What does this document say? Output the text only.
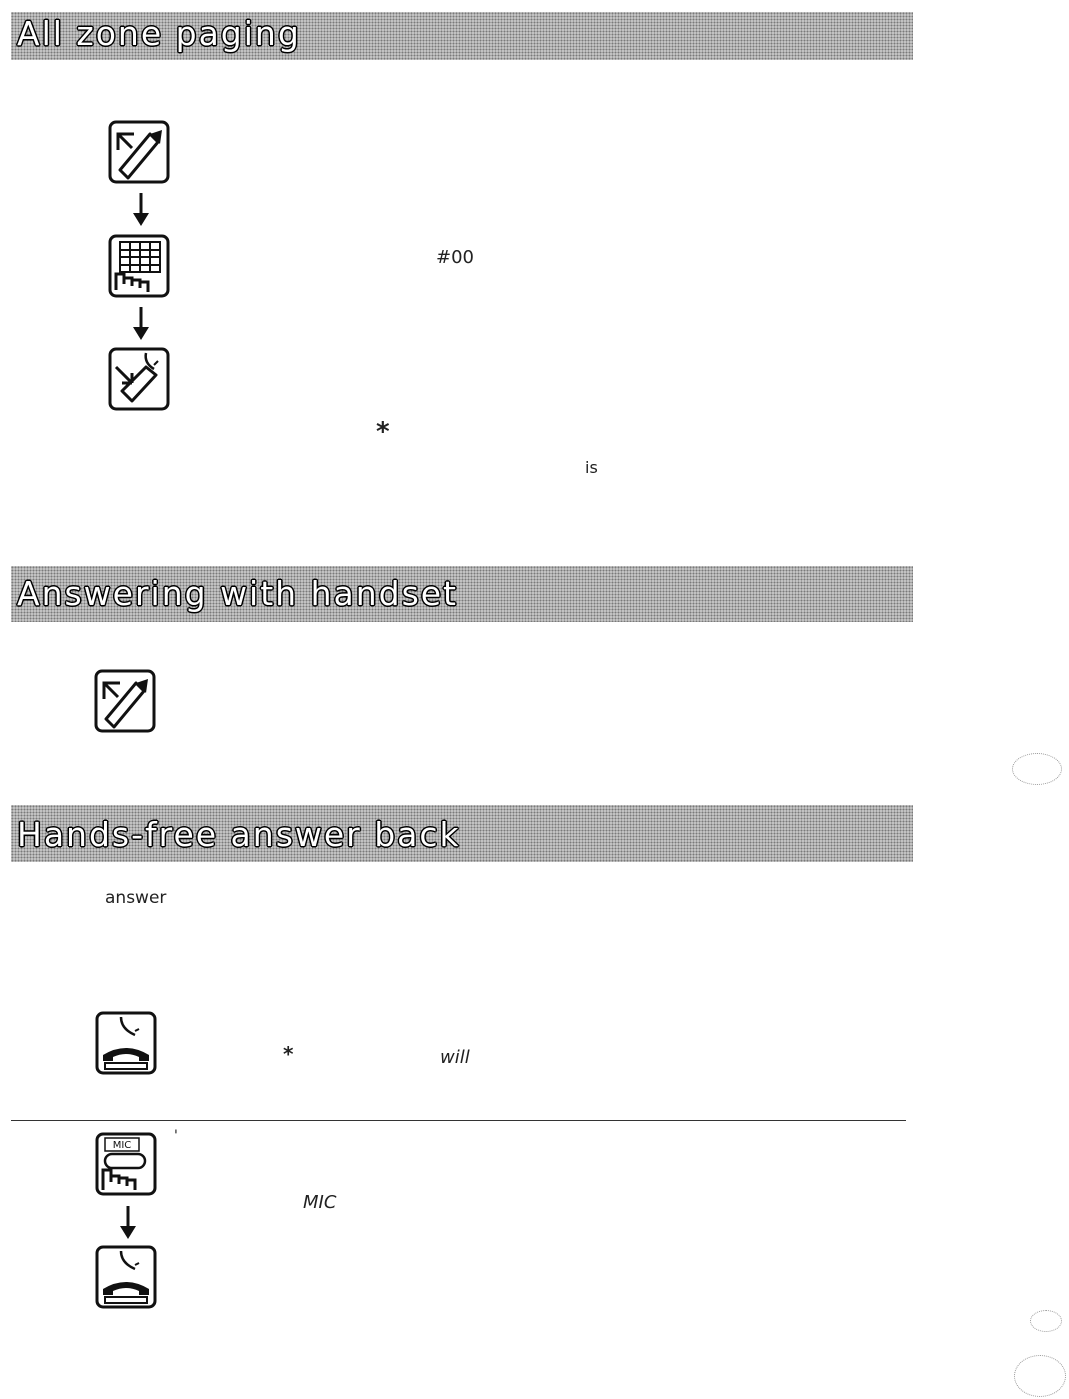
All zone paging
#00
*
is
Answering with handset
Hands-free answer back
answer
*	will
MIC
'
MIC
